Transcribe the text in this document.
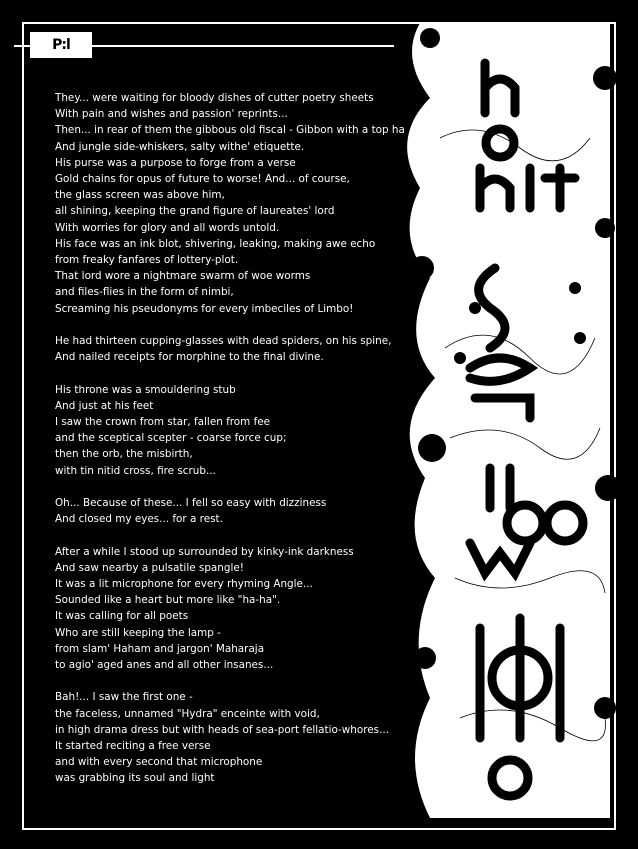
P:l
They... were waiting for bloody dishes of cutter poetry sheets
With pain and wishes and passion' reprints...
Then... in rear of them the gibbous old fiscal - Gibbon with a top ha
And jungle side-whiskers, salty withe' etiquette.
His purse was a purpose to forge from a verse
Gold chains for opus of future to worse! And... of course,
the glass screen was above him,
all shining, keeping the grand figure of laureates' lord
With worries for glory and all words untold.
His face was an ink blot, shivering, leaking, making awe echo
from freaky fanfares of lottery-plot.
That lord wore a nightmare swarm of woe worms
and files-flies in the form of nimbi,
Screaming his pseudonyms for every imbeciles of Limbo!
He had thirteen cupping-glasses with dead spiders, on his spine,
And nailed receipts for morphine to the final divine.
His throne was a smouldering stub
And just at his feet
I saw the crown from star, fallen from fee
and the sceptical scepter - coarse force cup;
then the orb, the misbirth,
with tin nitid cross, fire scrub...
Oh... Because of these... I fell so easy with dizziness
And closed my eyes... for a rest.
After a while I stood up surrounded by kinky-ink darkness
And saw nearby a pulsatile spangle!
It was a lit microphone for every rhyming Angle...
Sounded like a heart but more like "ha-ha".
It was calling for all poets
Who are still keeping the lamp -
from slam' Haham and jargon' Maharaja
to agio' aged anes and all other insanes...
Bah!... I saw the first one -
the faceless, unnamed "Hydra" enceinte with void,
in high drama dress but with heads of sea-port fellatio-whores...
It started reciting a free verse
and with every second that microphone
was grabbing its soul and light
